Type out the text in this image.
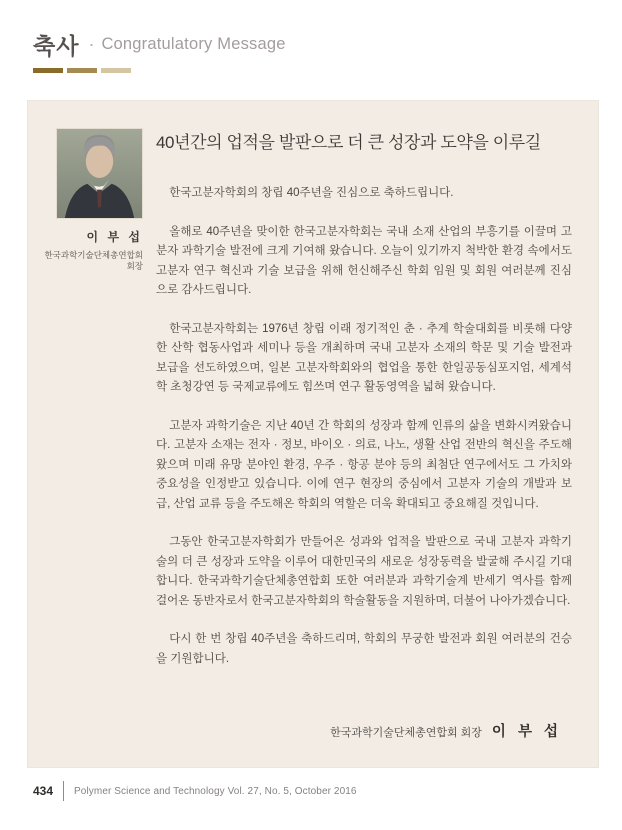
축사 · Congratulatory Message
이 부 섭
한국과학기술단체총연합회
회장
40년간의 업적을 발판으로 더 큰 성장과 도약을 이루길

한국고분자학회의 창립 40주년을 진심으로 축하드립니다.

올해로 40주년을 맞이한 한국고분자학회는 국내 소재 산업의 부흥기를 이끌며 고분자 과학기술 발전에 크게 기여해 왔습니다. 오늘이 있기까지 척박한 환경 속에서도 고분자 연구 혁신과 기술 보급을 위해 헌신해주신 학회 임원 및 회원 여러분께 진심으로 감사드립니다.

한국고분자학회는 1976년 창립 이래 정기적인 춘 · 추계 학술대회를 비롯해 다양한 산학 협동사업과 세미나 등을 개최하며 국내 고분자 소재의 학문 및 기술 발전과 보급을 선도하였으며, 일본 고분자학회와의 협업을 통한 한일공동심포지엄, 세계석학 초청강연 등 국제교류에도 힘쓰며 연구 활동영역을 넓혀 왔습니다.

고분자 과학기술은 지난 40년 간 학회의 성장과 함께 인류의 삶을 변화시켜왔습니다. 고분자 소재는 전자 · 정보, 바이오 · 의료, 나노, 생활 산업 전반의 혁신을 주도해 왔으며 미래 유망 분야인 환경, 우주 · 항공 분야 등의 최첨단 연구에서도 그 가치와 중요성을 인정받고 있습니다. 이에 연구 현장의 중심에서 고분자 기술의 개발과 보급, 산업 교류 등을 주도해온 학회의 역할은 더욱 확대되고 중요해질 것입니다.

그동안 한국고분자학회가 만들어온 성과와 업적을 발판으로 국내 고분자 과학기술의 더 큰 성장과 도약을 이루어 대한민국의 새로운 성장동력을 발굴해 주시길 기대합니다. 한국과학기술단체총연합회 또한 여러분과 과학기술계 반세기 역사를 함께 걸어온 동반자로서 한국고분자학회의 학술활동을 지원하며, 더불어 나아가겠습니다.

다시 한 번 창립 40주년을 축하드리며, 학회의 무궁한 발전과 회원 여러분의 건승을 기원합니다.

한국과학기술단체총연합회 회장 이 부 섭
434 Polymer Science and Technology Vol. 27, No. 5, October 2016
